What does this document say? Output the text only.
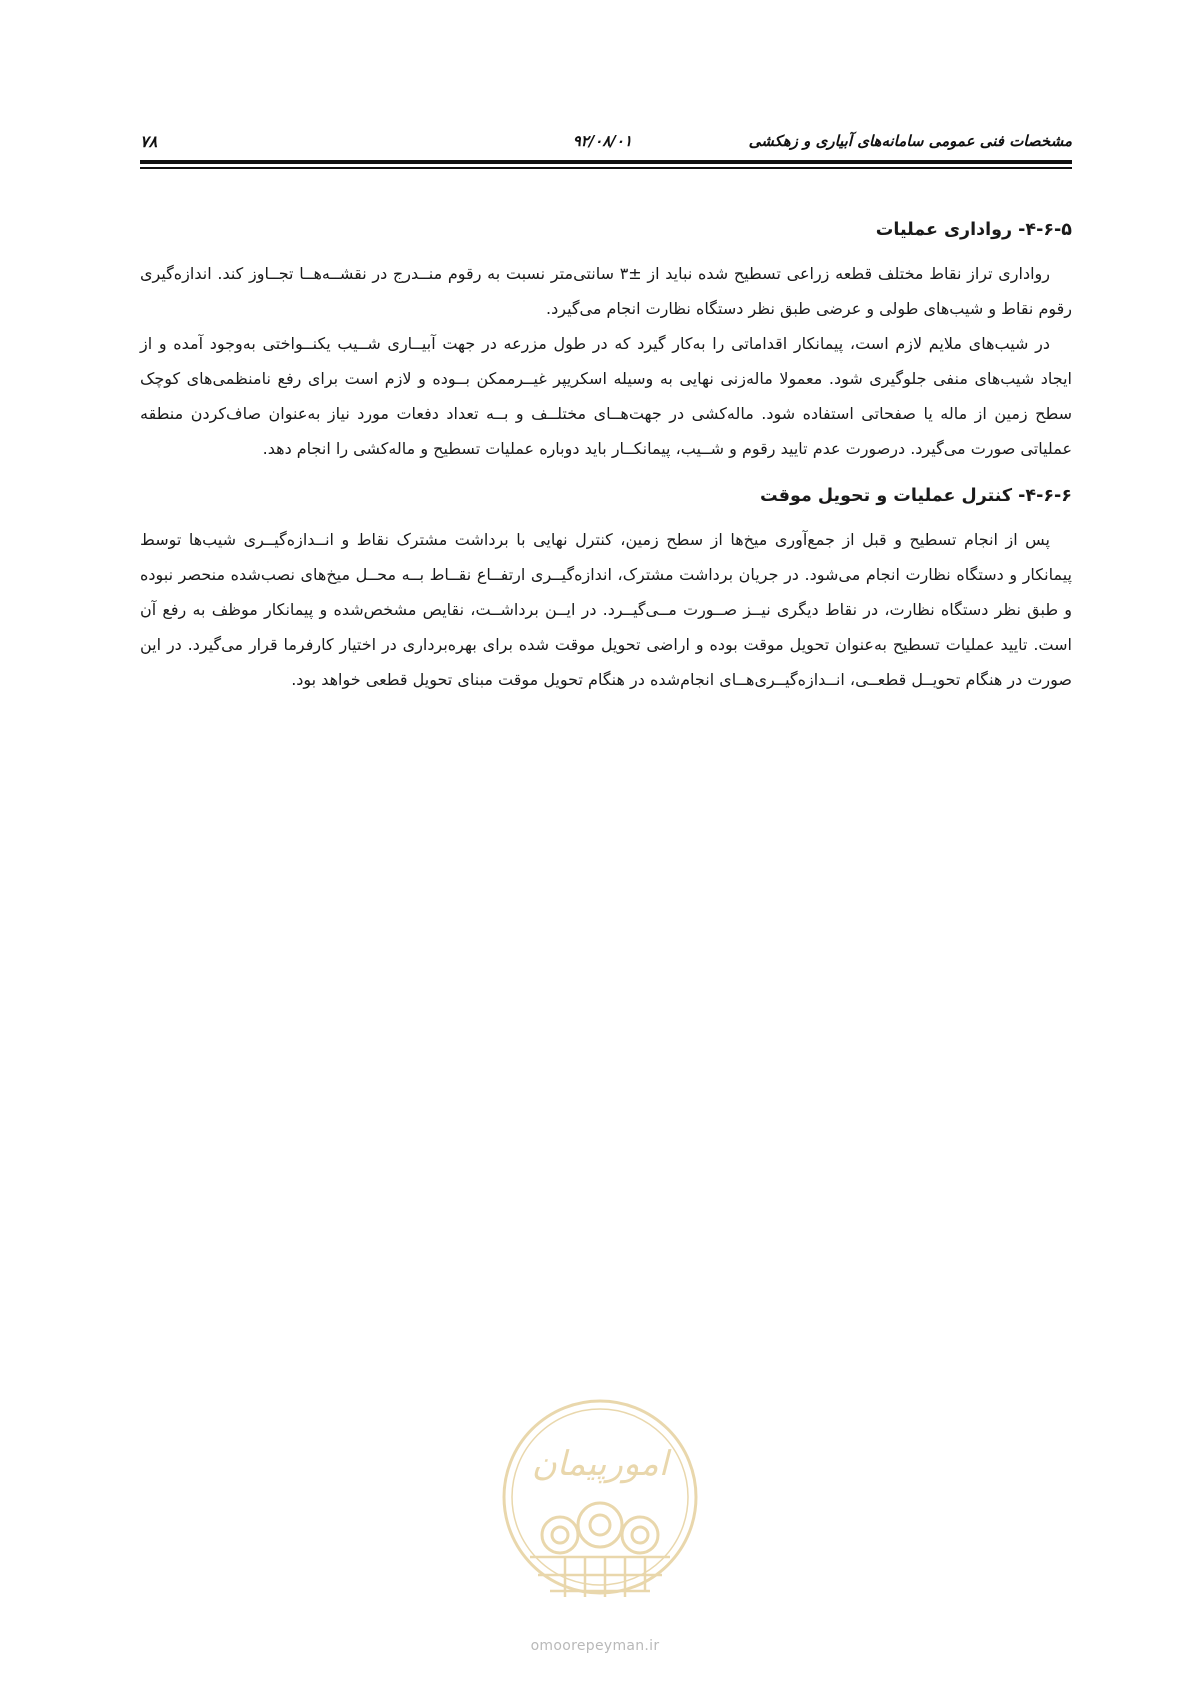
مشخصات فنی عمومی سامانه‌های آبیاری و زهکشی
۹۲/۰۸/۰۱
۷۸
۴-۶-۵- رواداری عملیات

رواداری تراز نقاط مختلف قطعه زراعی تسطیح شده نباید از ±۳ سانتی‌متر نسبت به رقوم منــدرج در نقشــه‌هــا تجــاوز کند. اندازه‌گیری رقوم نقاط و شیب‌های طولی و عرضی طبق نظر دستگاه نظارت انجام می‌گیرد.

در شیب‌های ملایم لازم است، پیمانکار اقداماتی را به‌کار گیرد که در طول مزرعه در جهت آبیــاری شــیب یکنــواختی به‌وجود آمده و از ایجاد شیب‌های منفی جلوگیری شود. معمولا ماله‌زنی نهایی به وسیله اسکریپر غیــرممکن بــوده و لازم است برای رفع نامنظمی‌های کوچک سطح زمین از ماله یا صفحاتی استفاده شود. ماله‌کشی در جهت‌هــای مختلــف و بــه تعداد دفعات مورد نیاز به‌عنوان صاف‌کردن منطقه عملیاتی صورت می‌گیرد. درصورت عدم تایید رقوم و شــیب، پیمانکــار باید دوباره عملیات تسطیح و ماله‌کشی را انجام دهد.

۴-۶-۶- کنترل عملیات و تحویل موقت

پس از انجام تسطیح و قبل از جمع‌آوری میخ‌ها از سطح زمین، کنترل نهایی با برداشت مشترک نقاط و انــدازه‌گیــری شیب‌ها توسط پیمانکار و دستگاه نظارت انجام می‌شود. در جریان برداشت مشترک، اندازه‌گیــری ارتفــاع نقــاط بــه محــل میخ‌های نصب‌شده منحصر نبوده و طبق نظر دستگاه نظارت، در نقاط دیگری نیــز صــورت مــی‌گیــرد. در ایــن برداشــت، نقایص مشخص‌شده و پیمانکار موظف به رفع آن است. تایید عملیات تسطیح به‌عنوان تحویل موقت بوده و اراضی تحویل موقت شده برای بهره‌برداری در اختیار کارفرما قرار می‌گیرد. در این صورت در هنگام تحویــل قطعــی، انــدازه‌گیــری‌هــای انجام‌شده در هنگام تحویل موقت مبنای تحویل قطعی خواهد بود.

امورپیمان
omoorepeyman.ir
